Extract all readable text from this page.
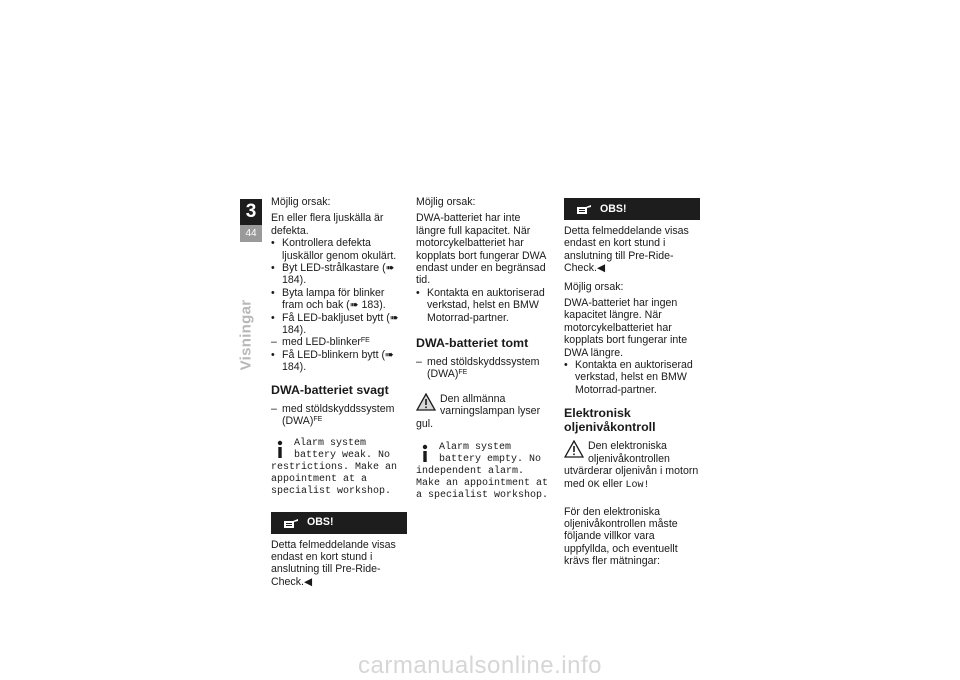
3
44
Visningar

Möjlig orsak:

En eller flera ljuskälla är defekta.

• Kontrollera defekta ljuskällor genom okulärt.

• Byt LED-strålkastare (➠ 184).

• Byta lampa för blinker fram och bak (➠ 183).

• Få LED-bakljuset bytt (➠ 184).

– med LED-blinker$^{FE}$

• Få LED-blinkern bytt (➠ 184).

DWA-batteriet svagt

– med stöldskyddssystem (DWA)$^{FE}$

Alarm system battery weak. No restrictions. Make an appointment at a specialist workshop.
OBS!

Detta felmeddelande visas endast en kort stund i anslutning till Pre-Ride-Check.◀

Möjlig orsak:

DWA-batteriet har inte längre full kapacitet. När motorcykelbatteriet har kopplats bort fungerar DWA endast under en begränsad tid.

• Kontakta en auktoriserad verkstad, helst en BMW Motorrad-partner.

DWA-batteriet tomt

– med stöldskyddssystem (DWA)$^{FE}$

Den allmänna varningslampan lyser gul.
Alarm system battery empty. No independent alarm. Make an appointment at a specialist workshop.
OBS!

Detta felmeddelande visas endast en kort stund i anslutning till Pre-Ride-Check.◀

Möjlig orsak:

DWA-batteriet har ingen kapacitet längre. När motorcykelbatteriet har kopplats bort fungerar inte DWA längre.

• Kontakta en auktoriserad verkstad, helst en BMW Motorrad-partner.

Elektronisk oljenivåkontroll
Den elektroniska oljenivåkontrollen utvärderar oljenivån i motorn med OK eller Low!

För den elektroniska oljenivåkontrollen måste följande villkor vara uppfyllda, och eventuellt krävs fler mätningar:

carmanualsonline.info
